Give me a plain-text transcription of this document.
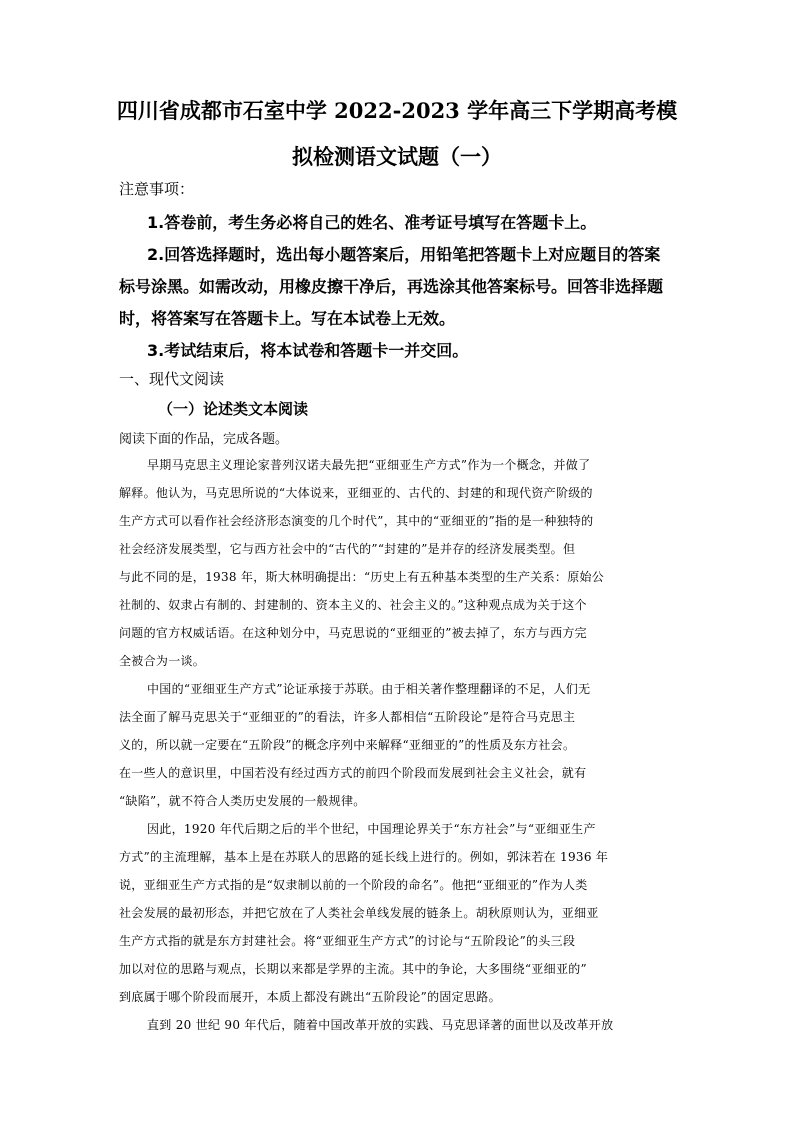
四川省成都市石室中学 2022-2023 学年高三下学期高考模
拟检测语文试题（一）
注意事项：
1.答卷前，考生务必将自己的姓名、准考证号填写在答题卡上。
2.回答选择题时，选出每小题答案后，用铅笔把答题卡上对应题目的答案
标号涂黑。如需改动，用橡皮擦干净后，再选涂其他答案标号。回答非选择题
时，将答案写在答题卡上。写在本试卷上无效。
3.考试结束后，将本试卷和答题卡一并交回。
一、现代文阅读
（一）论述类文本阅读
阅读下面的作品，完成各题。
早期马克思主义理论家普列汉诺夫最先把“亚细亚生产方式”作为一个概念，并做了
解释。他认为，马克思所说的“大体说来，亚细亚的、古代的、封建的和现代资产阶级的
生产方式可以看作社会经济形态演变的几个时代”，其中的“亚细亚的”指的是一种独特的
社会经济发展类型，它与西方社会中的“古代的”“封建的”是并存的经济发展类型。但
与此不同的是，1938 年，斯大林明确提出：“历史上有五种基本类型的生产关系：原始公
社制的、奴隶占有制的、封建制的、资本主义的、社会主义的。”这种观点成为关于这个
问题的官方权威话语。在这种划分中，马克思说的“亚细亚的”被去掉了，东方与西方完
全被合为一谈。
中国的“亚细亚生产方式”论证承接于苏联。由于相关著作整理翻译的不足，人们无
法全面了解马克思关于“亚细亚的”的看法，许多人都相信“五阶段论”是符合马克思主
义的，所以就一定要在“五阶段”的概念序列中来解释“亚细亚的”的性质及东方社会。
在一些人的意识里，中国若没有经过西方式的前四个阶段而发展到社会主义社会，就有
“缺陷”，就不符合人类历史发展的一般规律。
因此，1920 年代后期之后的半个世纪，中国理论界关于“东方社会”与“亚细亚生产
方式”的主流理解，基本上是在苏联人的思路的延长线上进行的。例如，郭沫若在 1936 年
说，亚细亚生产方式指的是“奴隶制以前的一个阶段的命名”。他把“亚细亚的”作为人类
社会发展的最初形态，并把它放在了人类社会单线发展的链条上。胡秋原则认为，亚细亚
生产方式指的就是东方封建社会。将“亚细亚生产方式”的讨论与“五阶段论”的头三段
加以对位的思路与观点，长期以来都是学界的主流。其中的争论，大多围绕“亚细亚的”
到底属于哪个阶段而展开，本质上都没有跳出“五阶段论”的固定思路。
直到 20 世纪 90 年代后，随着中国改革开放的实践、马克思译著的面世以及改革开放
